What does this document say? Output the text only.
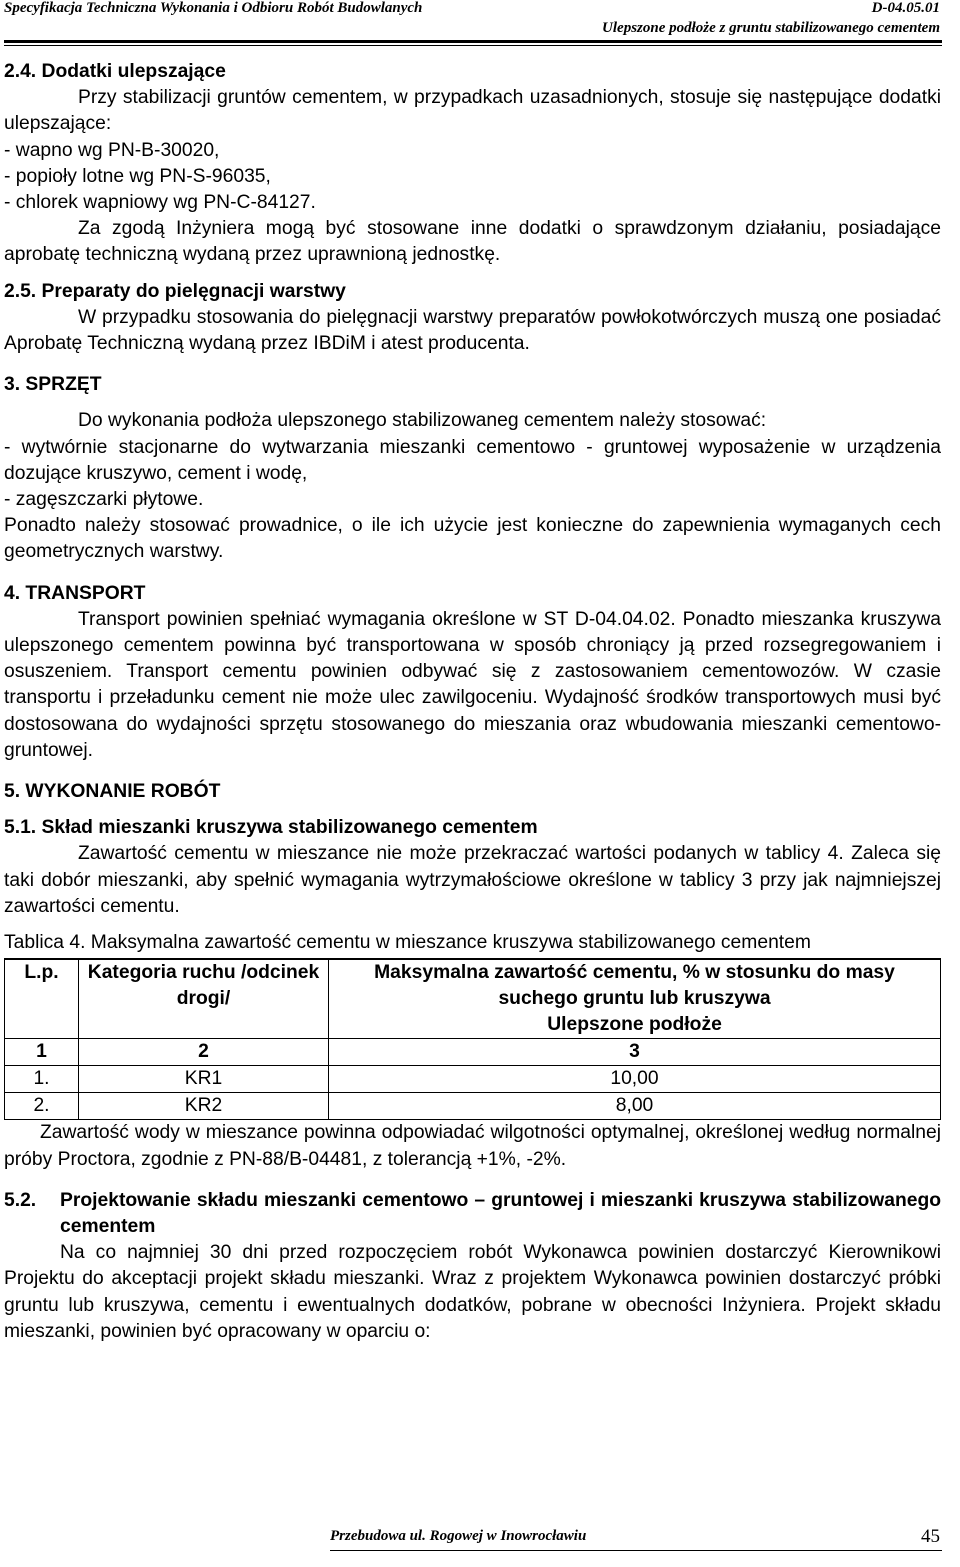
Specyfikacja Techniczna Wykonania i Odbioru Robót Budowlanych	D-04.05.01
Ulepszone podłoże z gruntu stabilizowanego cementem

2.4. Dodatki ulepszające

Przy stabilizacji gruntów cementem, w przypadkach uzasadnionych, stosuje się następujące dodatki ulepszające:

- wapno wg PN-B-30020,

- popioły lotne wg PN-S-96035,

- chlorek wapniowy wg PN-C-84127.

Za zgodą Inżyniera mogą być stosowane inne dodatki o sprawdzonym działaniu, posiadające aprobatę techniczną wydaną przez uprawnioną jednostkę.

2.5. Preparaty do pielęgnacji warstwy

W przypadku stosowania do pielęgnacji warstwy preparatów powłokotwórczych muszą one posiadać Aprobatę Techniczną wydaną przez IBDiM i atest producenta.

3. SPRZĘT

Do wykonania podłoża ulepszonego stabilizowaneg cementem należy stosować:

- wytwórnie stacjonarne do wytwarzania mieszanki cementowo - gruntowej wyposażenie w urządzenia dozujące kruszywo, cement i wodę,

- zagęszczarki płytowe.

Ponadto należy stosować prowadnice, o ile ich użycie jest konieczne do zapewnienia wymaganych cech geometrycznych warstwy.

4. TRANSPORT

Transport powinien spełniać wymagania określone w ST D-04.04.02. Ponadto mieszanka kruszywa ulepszonego cementem powinna być transportowana w sposób chroniący ją przed rozsegregowaniem i osuszeniem. Transport cementu powinien odbywać się z zastosowaniem cementowozów. W czasie transportu i przeładunku cement nie może ulec zawilgoceniu. Wydajność środków transportowych musi być dostosowana do wydajności sprzętu stosowanego do mieszania oraz wbudowania mieszanki cementowo-gruntowej.

5. WYKONANIE ROBÓT

5.1. Skład mieszanki kruszywa stabilizowanego cementem

Zawartość cementu w mieszance nie może przekraczać wartości podanych w tablicy 4. Zaleca się taki dobór mieszanki, aby spełnić wymagania wytrzymałościowe określone w tablicy 3 przy jak najmniejszej zawartości cementu.

Tablica 4. Maksymalna zawartość cementu w mieszance kruszywa stabilizowanego cementem

L.p.	Kategoria ruchu /odcinek drogi/	Maksymalna zawartość cementu, % w stosunku do masy suchego gruntu lub kruszywa
Ulepszone podłoże

1	2	3
1.	KR1	10,00
2.	KR2	8,00

Zawartość wody w mieszance powinna odpowiadać wilgotności optymalnej, określonej według normalnej próby Proctora, zgodnie z PN-88/B-04481, z tolerancją +1%, -2%.

5.2.	Projektowanie składu mieszanki cementowo – gruntowej i mieszanki kruszywa stabilizowanego cementem

Na co najmniej 30 dni przed rozpoczęciem robót Wykonawca powinien dostarczyć Kierownikowi Projektu do akceptacji projekt składu mieszanki. Wraz z projektem Wykonawca powinien dostarczyć próbki gruntu lub kruszywa, cementu i ewentualnych dodatków, pobrane w obecności Inżyniera. Projekt składu mieszanki, powinien być opracowany w oparciu o:

Przebudowa ul. Rogowej w Inowrocławiu	45
